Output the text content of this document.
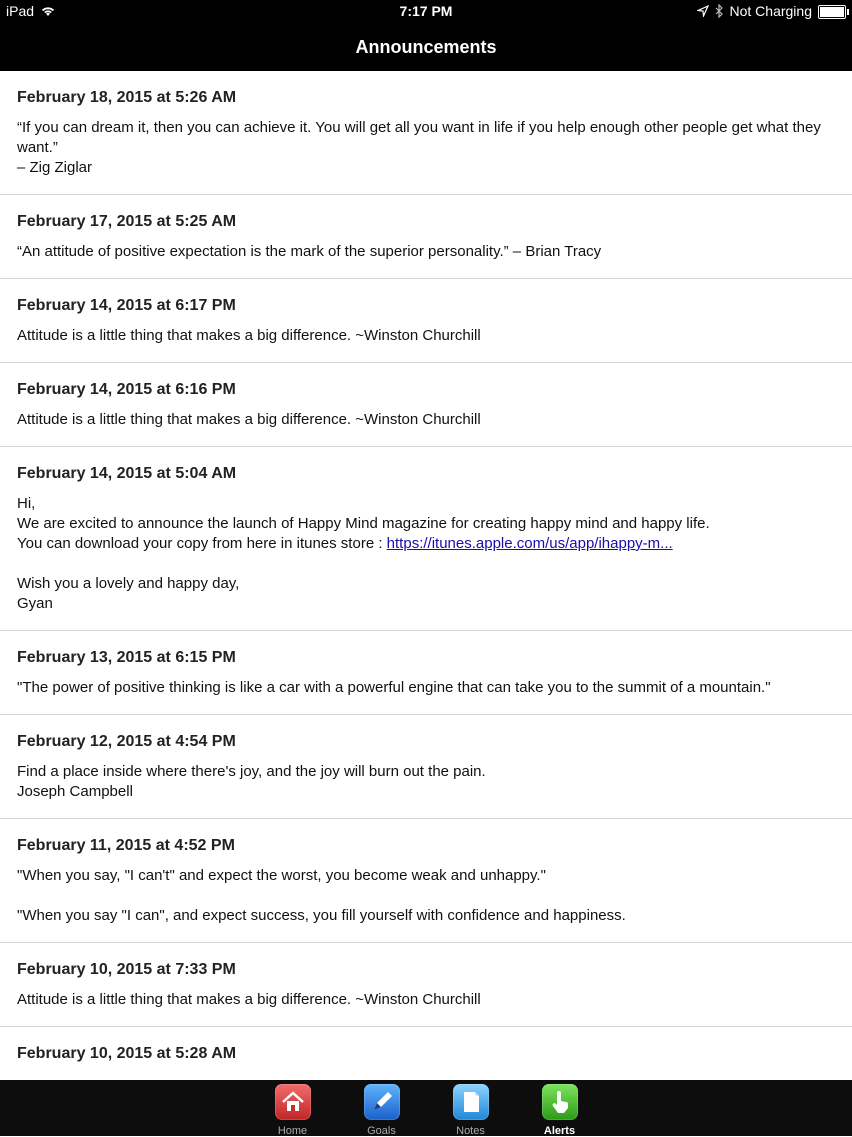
iPad	7:17 PM	Not Charging
Announcements
February 18, 2015 at 5:26 AM

“If you can dream it, then you can achieve it. You will get all you want in life if you help enough other people get what they want.”

– Zig Ziglar

February 17, 2015 at 5:25 AM

“An attitude of positive expectation is the mark of the superior personality.” – Brian Tracy

February 14, 2015 at 6:17 PM

Attitude is a little thing that makes a big difference. ~Winston Churchill

February 14, 2015 at 6:16 PM

Attitude is a little thing that makes a big difference. ~Winston Churchill

February 14, 2015 at 5:04 AM

Hi,

We are excited to announce the launch of Happy Mind magazine for creating happy mind and happy life.

You can download your copy from here in itunes store : https://itunes.apple.com/us/app/ihappy-m...

Wish you a lovely and happy day,

Gyan

February 13, 2015 at 6:15 PM

"The power of positive thinking is like a car with a powerful engine that can take you to the summit of a mountain."

February 12, 2015 at 4:54 PM

Find a place inside where there's joy, and the joy will burn out the pain.

Joseph Campbell

February 11, 2015 at 4:52 PM

"When you say, "I can't" and expect the worst, you become weak and unhappy."

"When you say "I can", and expect success, you fill yourself with confidence and happiness.

February 10, 2015 at 7:33 PM

Attitude is a little thing that makes a big difference. ~Winston Churchill

February 10, 2015 at 5:28 AM
Home	Goals	Notes	Alerts
